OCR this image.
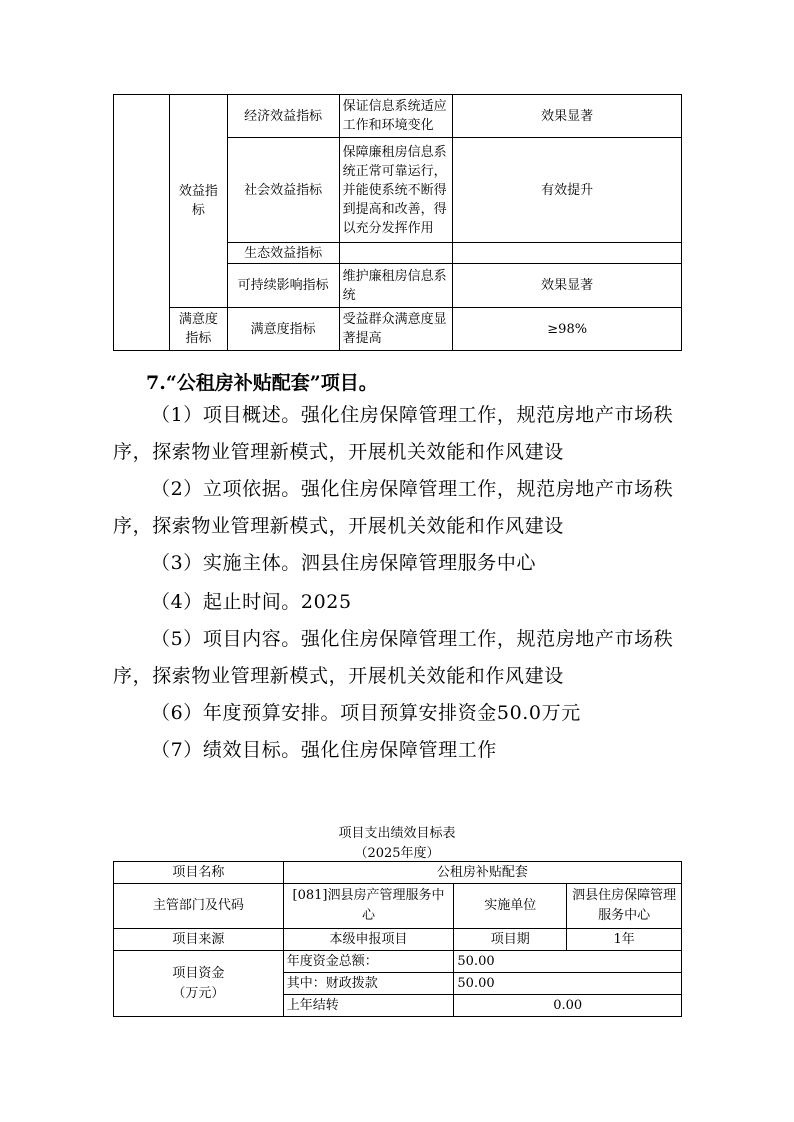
	效益指标	经济效益指标	保证信息系统适应工作和环境变化	效果显著
		社会效益指标	保障廉租房信息系统正常可靠运行，并能使系统不断得到提高和改善，得以充分发挥作用	有效提升
		生态效益指标		
		可持续影响指标	维护廉租房信息系统	效果显著
	满意度指标	满意度指标	受益群众满意度显著提高	≥98%
7.“公租房补贴配套”项目。
（1）项目概述。强化住房保障管理工作，规范房地产市场秩序，探索物业管理新模式，开展机关效能和作风建设
（2）立项依据。强化住房保障管理工作，规范房地产市场秩序，探索物业管理新模式，开展机关效能和作风建设
（3）实施主体。泗县住房保障管理服务中心
（4）起止时间。2025
（5）项目内容。强化住房保障管理工作，规范房地产市场秩序，探索物业管理新模式，开展机关效能和作风建设
（6）年度预算安排。项目预算安排资金50.0万元
（7）绩效目标。强化住房保障管理工作
项目支出绩效目标表
（2025年度）
项目名称	公租房补贴配套		
主管部门及代码	[081]泗县房产管理服务中心	实施单位	泗县住房保障管理服务中心
项目来源	本级申报项目	项目期	1年

项目资金
（万元）	年度资金总额：	50.00	
	其中：财政拨款	50.00	
	上年结转	0.00	
